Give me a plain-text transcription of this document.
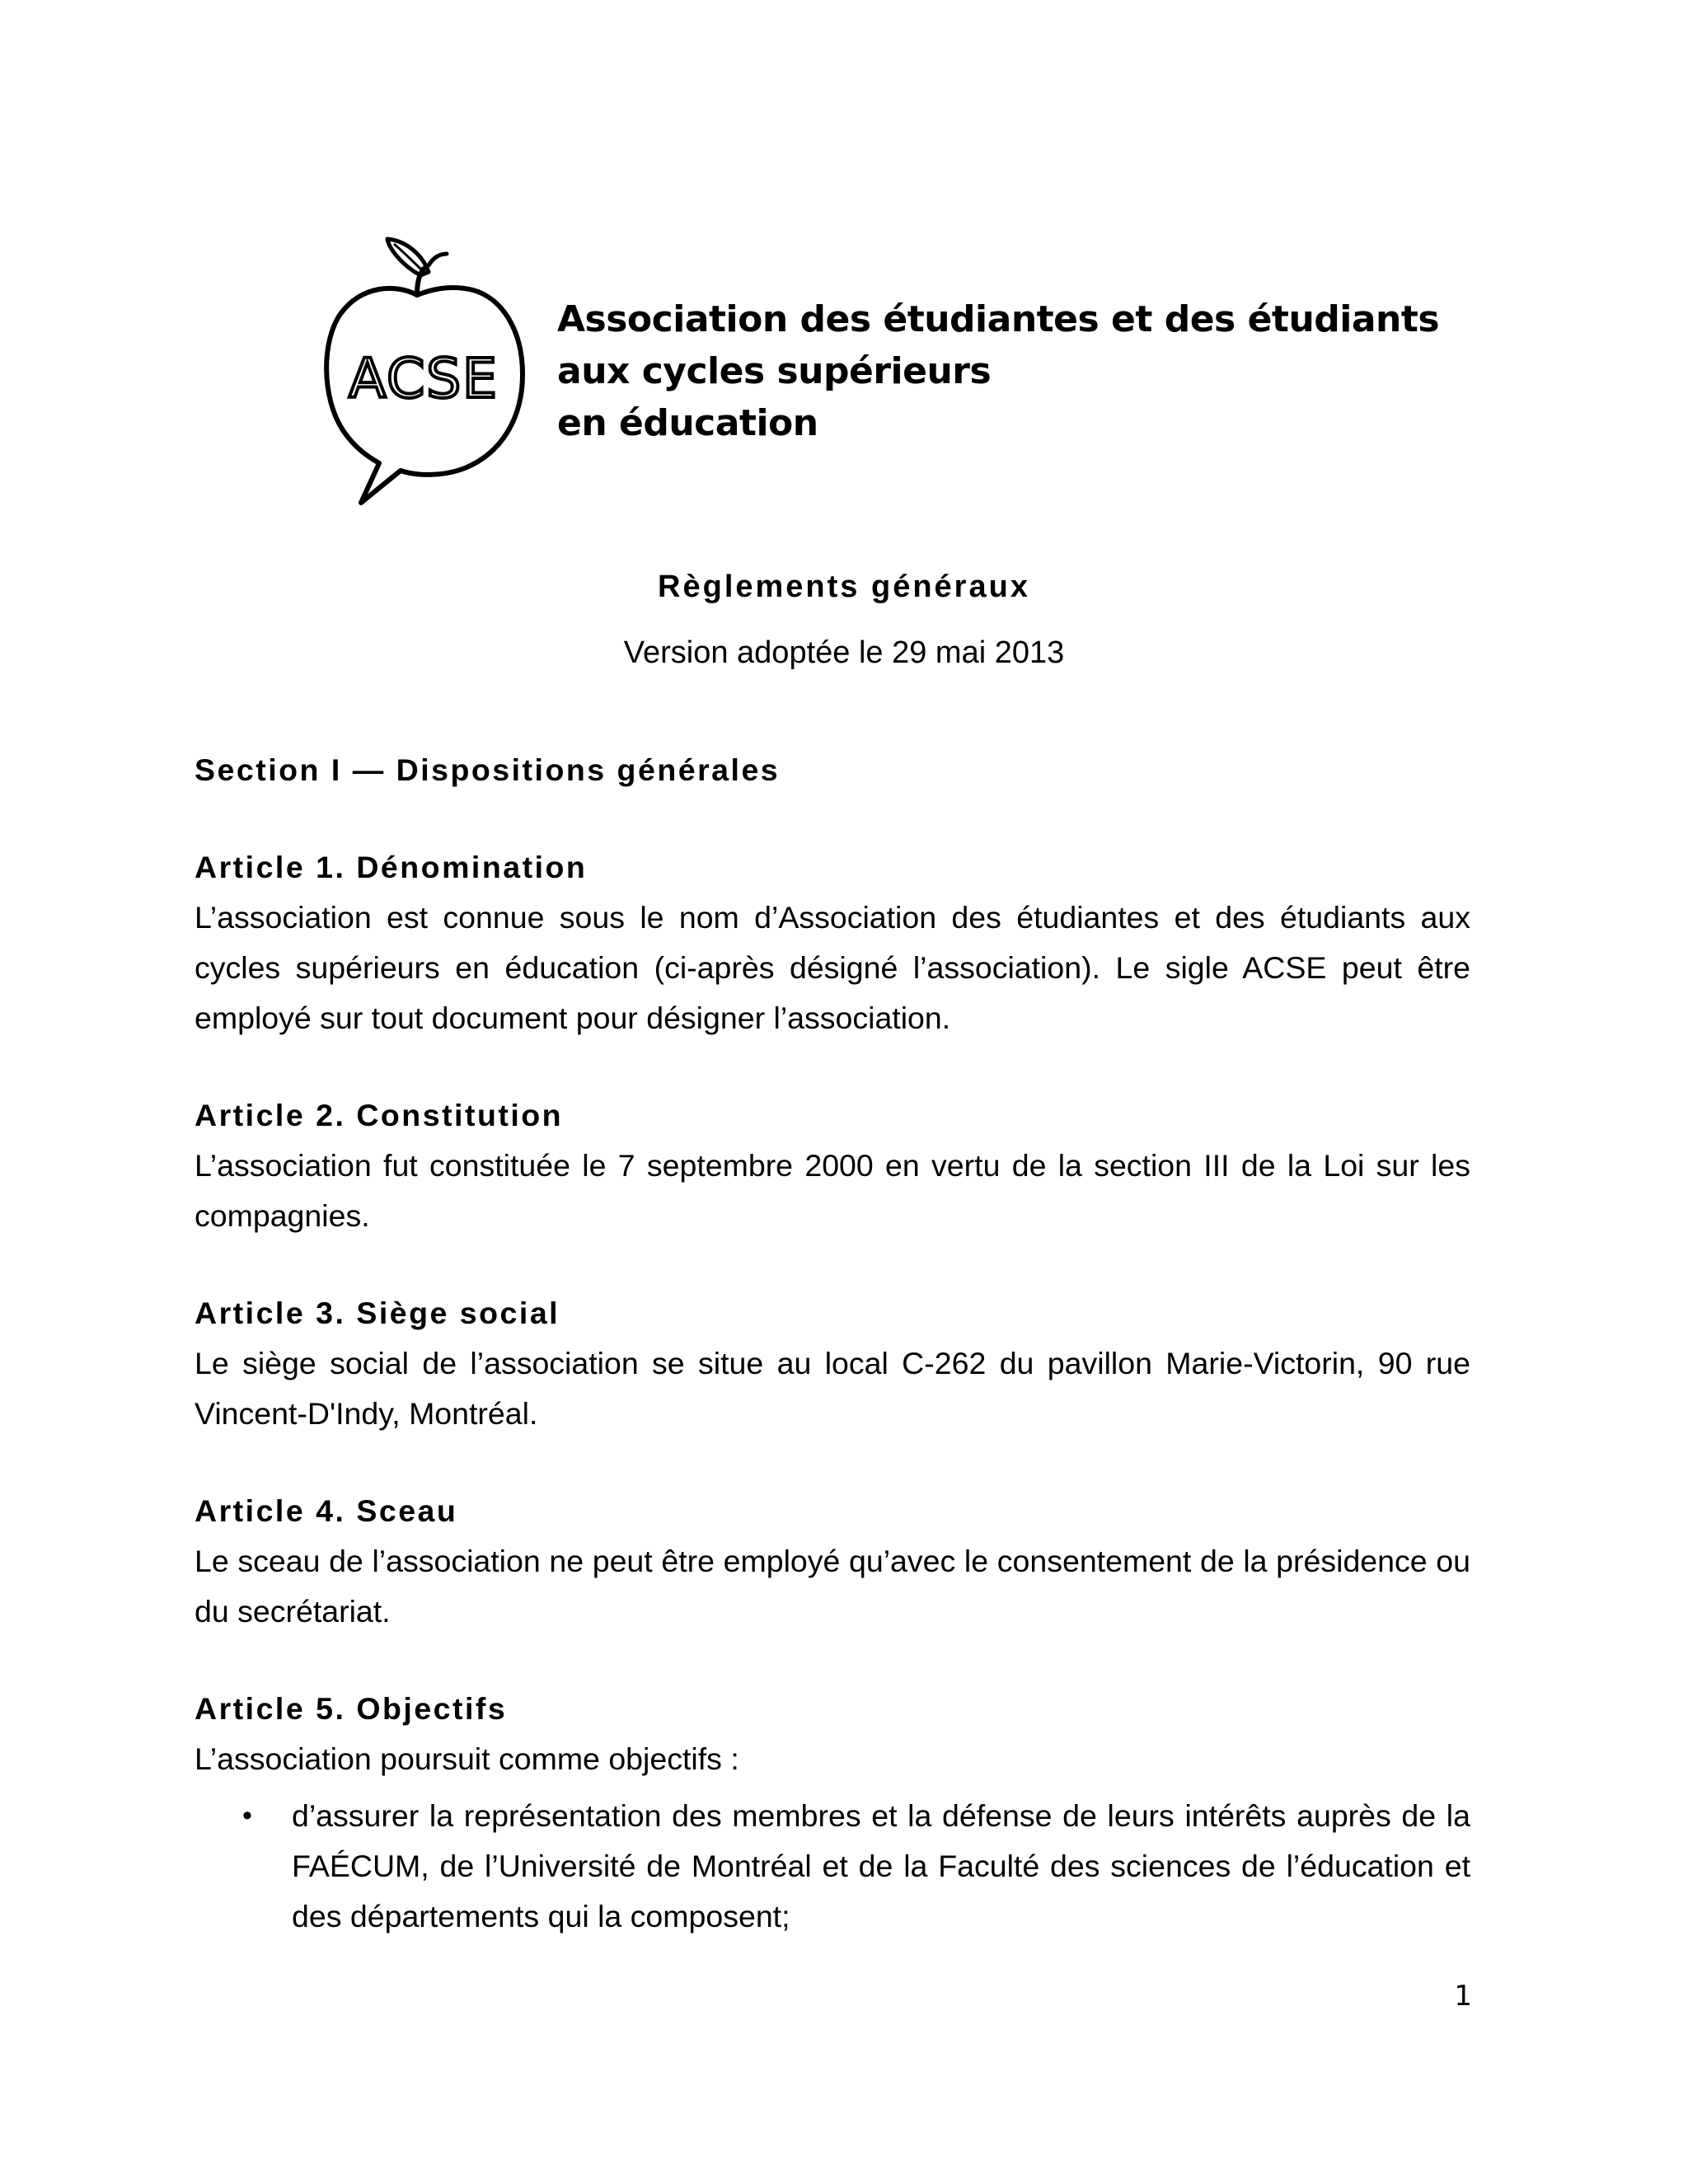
ACSE
Association des étudiantes et des étudiants
aux cycles supérieurs
en éducation
Règlements généraux
Version adoptée le 29 mai 2013

Section I — Dispositions générales

Article 1. Dénomination

L’association est connue sous le nom d’Association des étudiantes et des étudiants aux cycles supérieurs en éducation (ci-après désigné l’association). Le sigle ACSE peut être employé sur tout document pour désigner l’association.

Article 2. Constitution

L’association fut constituée le 7 septembre 2000 en vertu de la section III de la Loi sur les compagnies.

Article 3. Siège social

Le siège social de l’association se situe au local C-262 du pavillon Marie-Victorin, 90 rue Vincent-D'Indy, Montréal.

Article 4. Sceau

Le sceau de l’association ne peut être employé qu’avec le consentement de la présidence ou du secrétariat.

Article 5. Objectifs

L’association poursuit comme objectifs :

• d’assurer la représentation des membres et la défense de leurs intérêts auprès de la FAÉCUM, de l’Université de Montréal et de la Faculté des sciences de l’éducation et des départements qui la composent;
1
